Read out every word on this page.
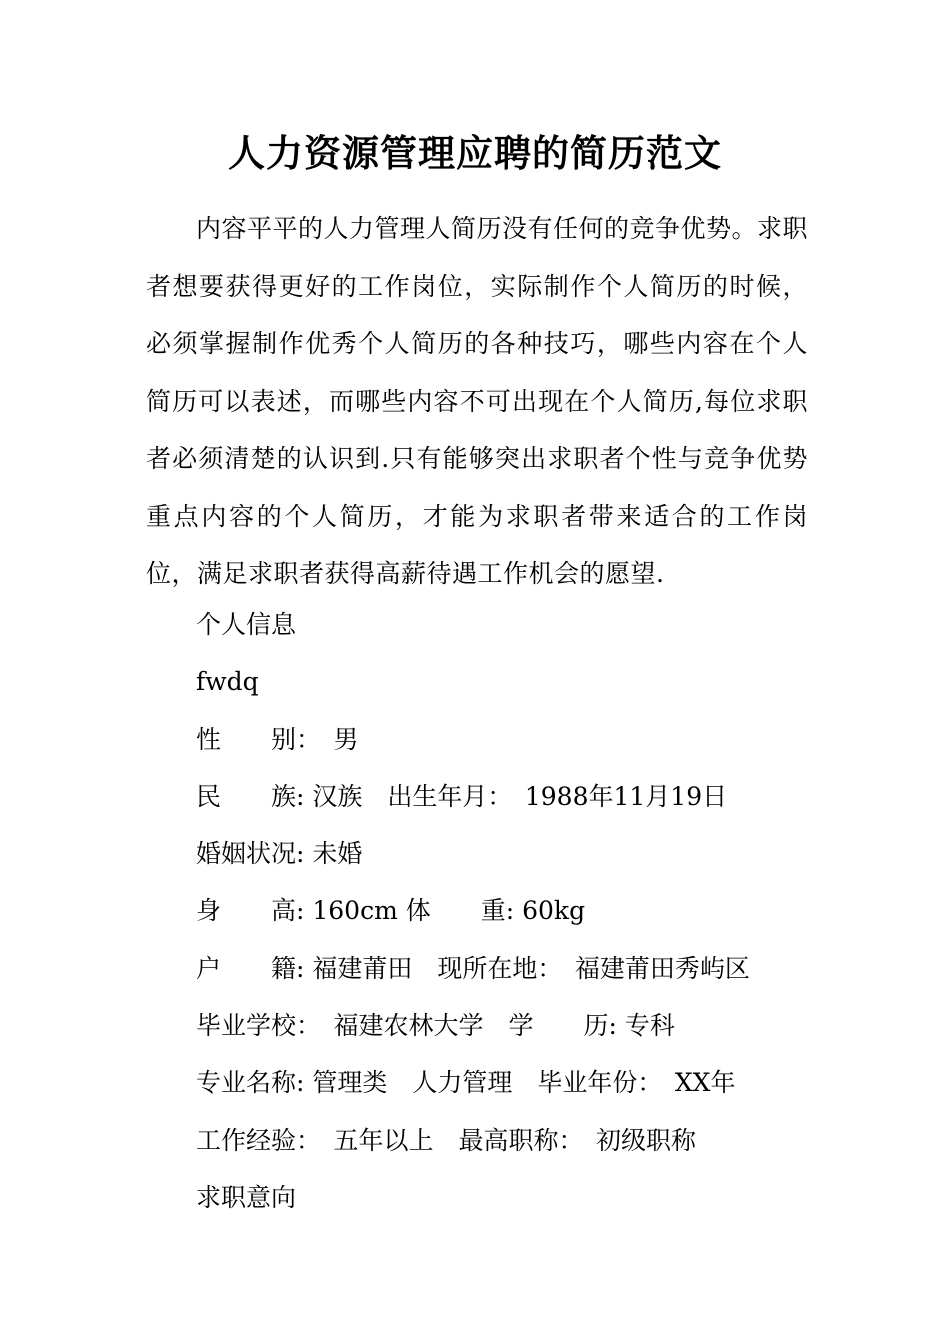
人力资源管理应聘的简历范文

内容平平的人力管理人简历没有任何的竞争优势。求职者想要获得更好的工作岗位，实际制作个人简历的时候，必须掌握制作优秀个人简历的各种技巧，哪些内容在个人简历可以表述，而哪些内容不可出现在个人简历,每位求职者必须清楚的认识到.只有能够突出求职者个性与竞争优势重点内容的个人简历，才能为求职者带来适合的工作岗位，满足求职者获得高薪待遇工作机会的愿望.

个人信息
fwdq
性　　别：　男
民　　族: 汉族　出生年月：　1988年11月19日
婚姻状况: 未婚
身　　高: 160cm 体　　重: 60kg
户　　籍: 福建莆田　现所在地：　福建莆田秀屿区
毕业学校：　福建农林大学　学　　历: 专科
专业名称: 管理类　人力管理　毕业年份：　XX年
工作经验：　五年以上　最高职称：　初级职称
求职意向
